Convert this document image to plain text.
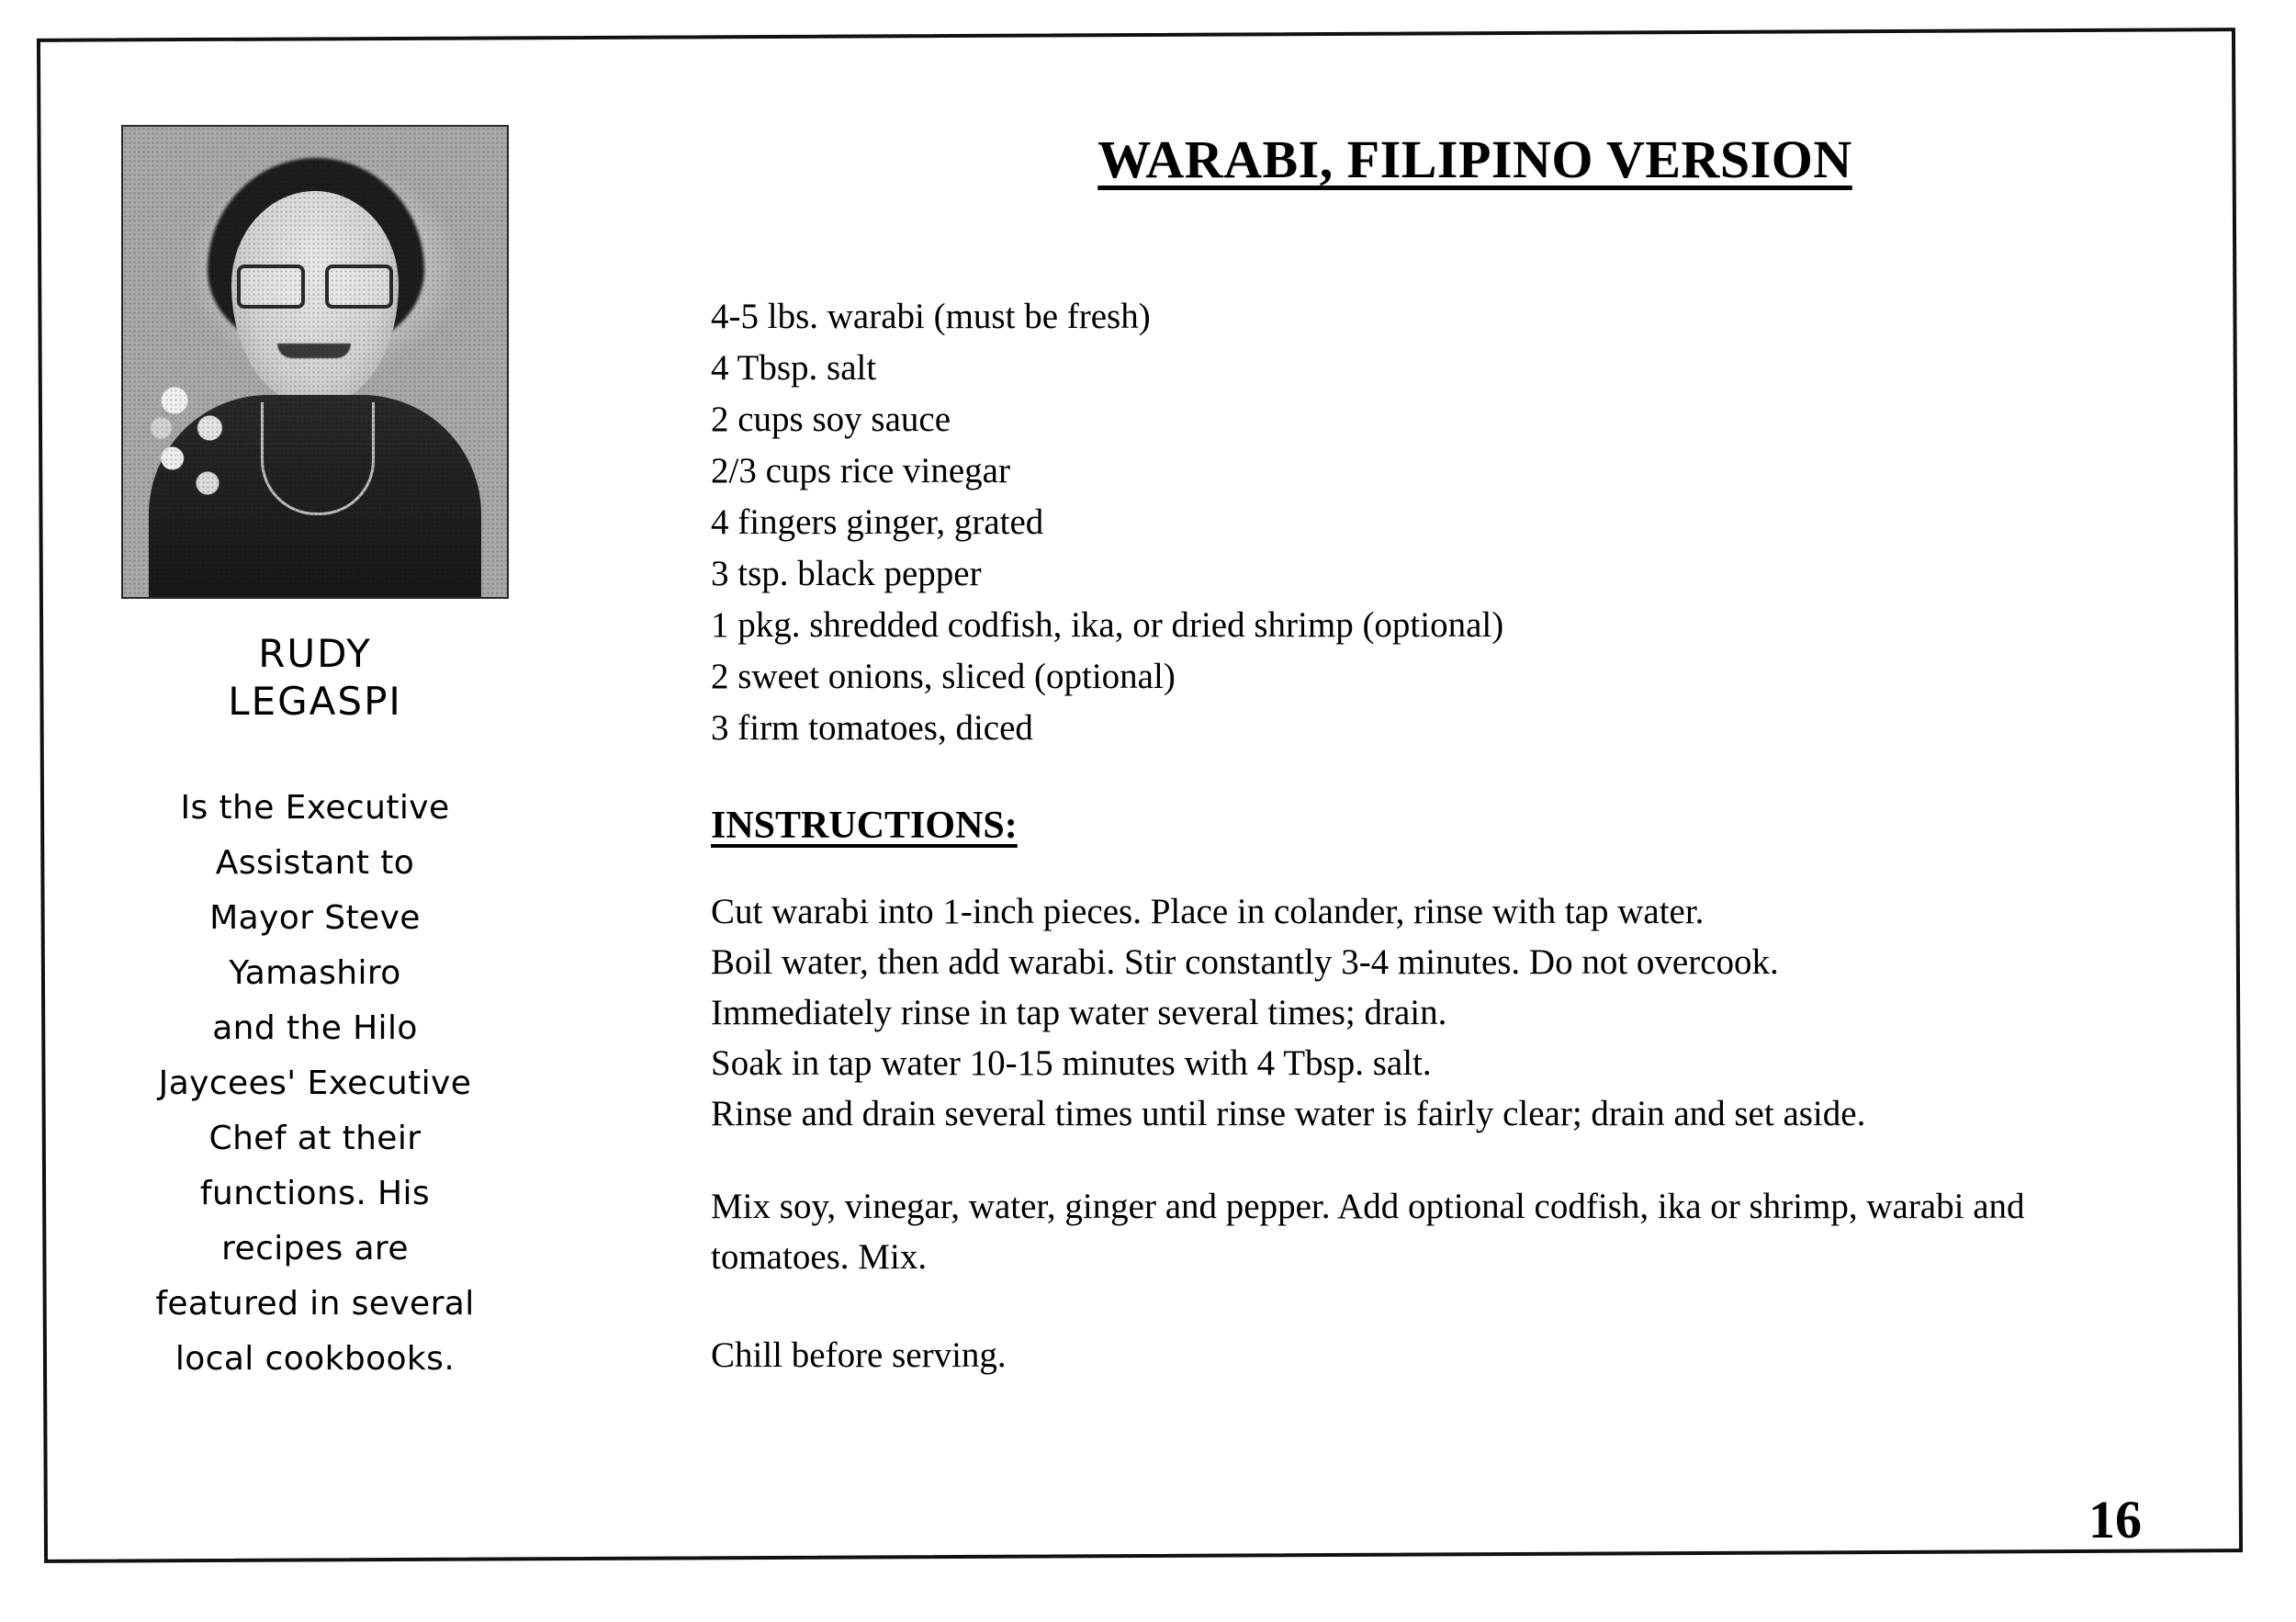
RUDY
LEGASPI
Is the Executive
Assistant to
Mayor Steve
Yamashiro
and the Hilo
Jaycees' Executive
Chef at their
functions. His
recipes are
featured in several
local cookbooks.
WARABI, FILIPINO VERSION
4-5 lbs. warabi (must be fresh)
4 Tbsp. salt
2 cups soy sauce
2/3 cups rice vinegar
4 fingers ginger, grated
3 tsp. black pepper
1 pkg. shredded codfish, ika, or dried shrimp (optional)
2 sweet onions, sliced (optional)
3 firm tomatoes, diced
INSTRUCTIONS:
Cut warabi into 1-inch pieces. Place in colander, rinse with tap water.
Boil water, then add warabi. Stir constantly 3-4 minutes. Do not overcook.
Immediately rinse in tap water several times; drain.
Soak in tap water 10-15 minutes with 4 Tbsp. salt.
Rinse and drain several times until rinse water is fairly clear; drain and set aside.
Mix soy, vinegar, water, ginger and pepper. Add optional codfish, ika or shrimp, warabi and tomatoes. Mix.
Chill before serving.
16
